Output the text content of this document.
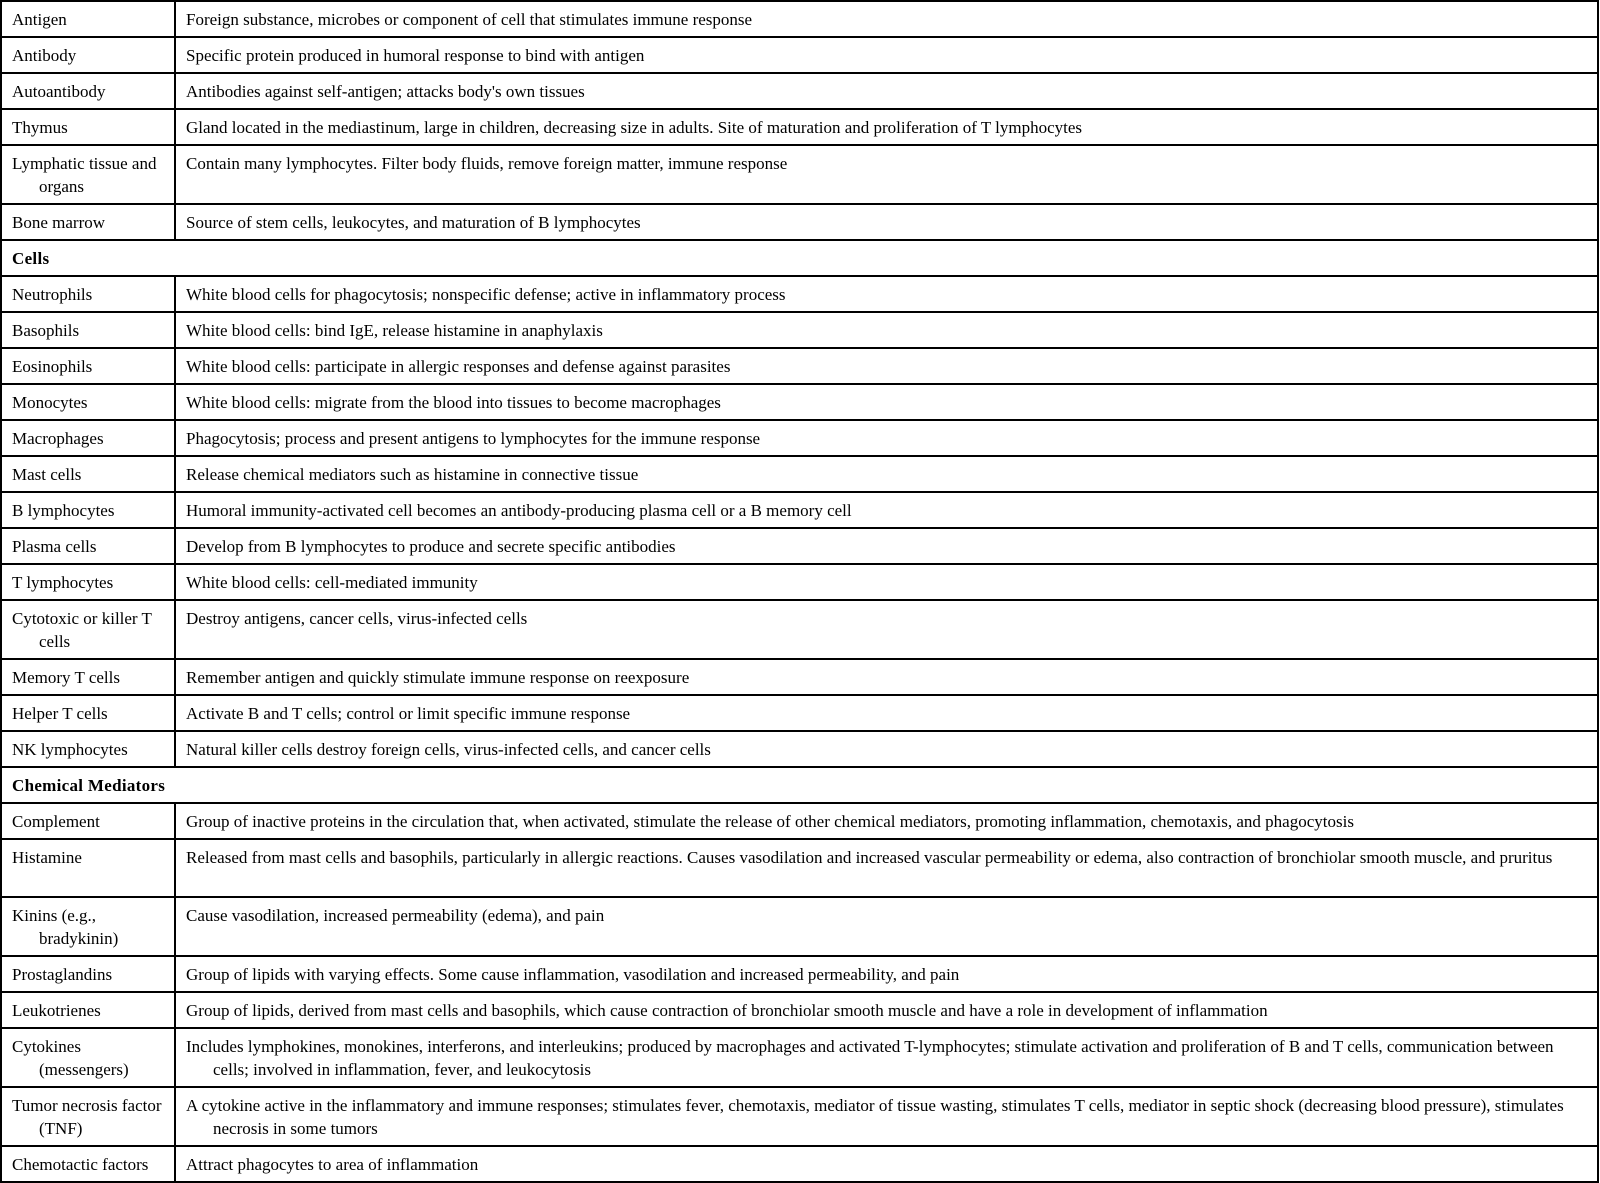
Antigen	Foreign substance, microbes or component of cell that stimulates immune response
Antibody	Specific protein produced in humoral response to bind with antigen
Autoantibody	Antibodies against self-antigen; attacks body's own tissues
Thymus	Gland located in the mediastinum, large in children, decreasing size in adults. Site of maturation and proliferation of T lymphocytes
Lymphatic tissue and organs	Contain many lymphocytes. Filter body fluids, remove foreign matter, immune response
Bone marrow	Source of stem cells, leukocytes, and maturation of B lymphocytes
Cells	
Neutrophils	White blood cells for phagocytosis; nonspecific defense; active in inflammatory process
Basophils	White blood cells: bind IgE, release histamine in anaphylaxis
Eosinophils	White blood cells: participate in allergic responses and defense against parasites
Monocytes	White blood cells: migrate from the blood into tissues to become macrophages
Macrophages	Phagocytosis; process and present antigens to lymphocytes for the immune response
Mast cells	Release chemical mediators such as histamine in connective tissue
B lymphocytes	Humoral immunity-activated cell becomes an antibody-producing plasma cell or a B memory cell
Plasma cells	Develop from B lymphocytes to produce and secrete specific antibodies
T lymphocytes	White blood cells: cell-mediated immunity
Cytotoxic or killer T cells	Destroy antigens, cancer cells, virus-infected cells
Memory T cells	Remember antigen and quickly stimulate immune response on reexposure
Helper T cells	Activate B and T cells; control or limit specific immune response
NK lymphocytes	Natural killer cells destroy foreign cells, virus-infected cells, and cancer cells
Chemical Mediators	
Complement	Group of inactive proteins in the circulation that, when activated, stimulate the release of other chemical mediators, promoting inflammation, chemotaxis, and phagocytosis
Histamine	Released from mast cells and basophils, particularly in allergic reactions. Causes vasodilation and increased vascular permeability or edema, also contraction of bronchiolar smooth muscle, and pruritus
Kinins (e.g., bradykinin)	Cause vasodilation, increased permeability (edema), and pain
Prostaglandins	Group of lipids with varying effects. Some cause inflammation, vasodilation and increased permeability, and pain
Leukotrienes	Group of lipids, derived from mast cells and basophils, which cause contraction of bronchiolar smooth muscle and have a role in development of inflammation
Cytokines (messengers)	Includes lymphokines, monokines, interferons, and interleukins; produced by macrophages and activated T-lymphocytes; stimulate activation and proliferation of B and T cells, communication between cells; involved in inflammation, fever, and leukocytosis
Tumor necrosis factor (TNF)	A cytokine active in the inflammatory and immune responses; stimulates fever, chemotaxis, mediator of tissue wasting, stimulates T cells, mediator in septic shock (decreasing blood pressure), stimulates necrosis in some tumors
Chemotactic factors	Attract phagocytes to area of inflammation
